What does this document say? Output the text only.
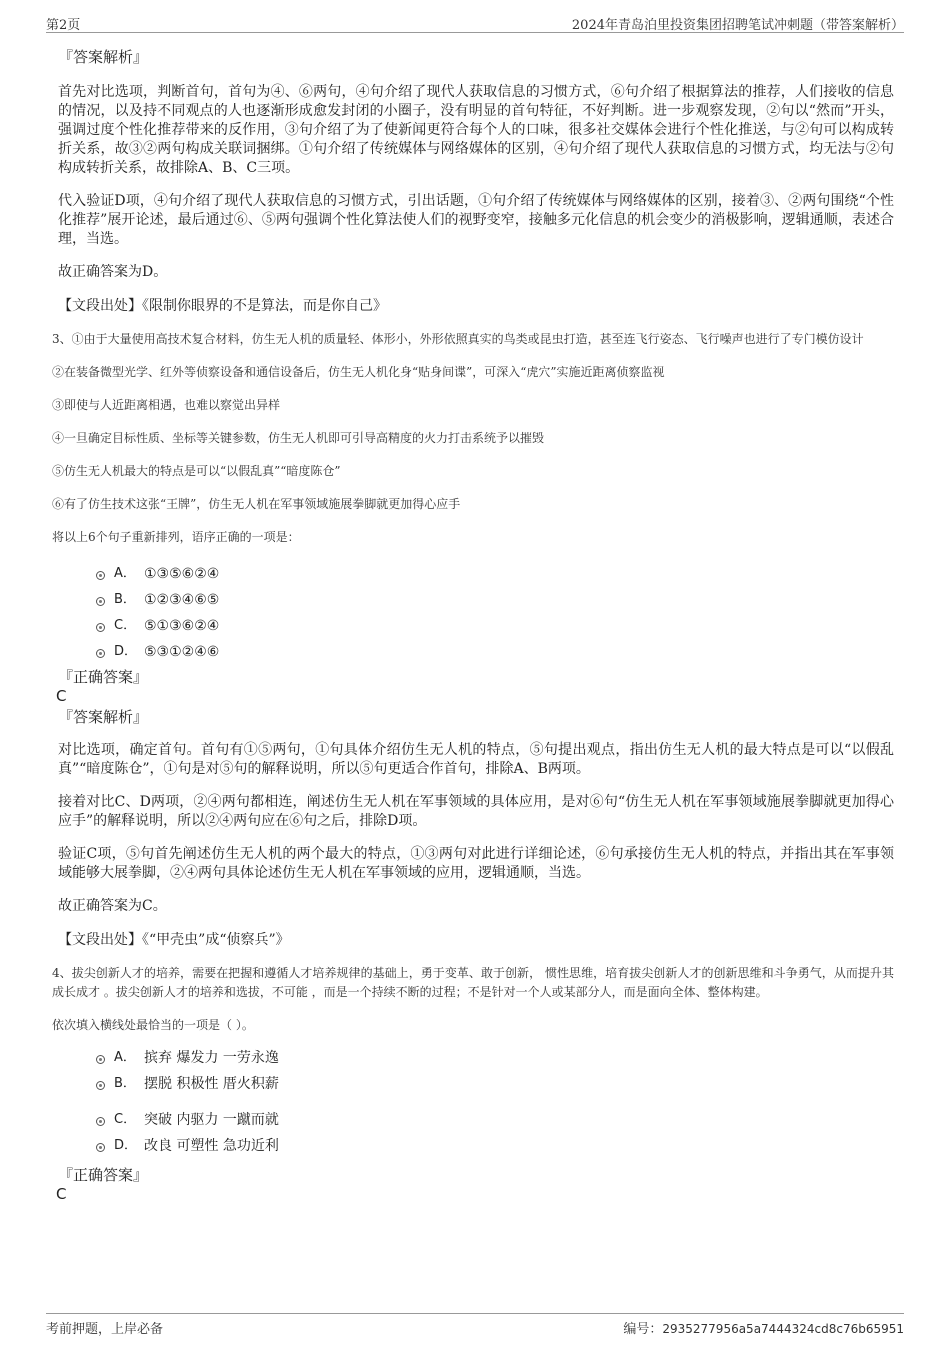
第2页	2024年青岛泊里投资集团招聘笔试冲刺题（带答案解析）
『答案解析』
首先对比选项，判断首句，首句为④、⑥两句，④句介绍了现代人获取信息的习惯方式，⑥句介绍了根据算法的推荐，人们接收的信息的情况，以及持不同观点的人也逐渐形成愈发封闭的小圈子，没有明显的首句特征，不好判断。进一步观察发现，②句以“然而”开头，强调过度个性化推荐带来的反作用，③句介绍了为了使新闻更符合每个人的口味，很多社交媒体会进行个性化推送，与②句可以构成转折关系，故③②两句构成关联词捆绑。①句介绍了传统媒体与网络媒体的区别，④句介绍了现代人获取信息的习惯方式，均无法与②句构成转折关系，故排除A、B、C三项。
代入验证D项，④句介绍了现代人获取信息的习惯方式，引出话题，①句介绍了传统媒体与网络媒体的区别，接着③、②两句围绕“个性化推荐”展开论述，最后通过⑥、⑤两句强调个性化算法使人们的视野变窄，接触多元化信息的机会变少的消极影响，逻辑通顺，表述合理，当选。
故正确答案为D。
【文段出处】《限制你眼界的不是算法，而是你自己》
3、①由于大量使用高技术复合材料，仿生无人机的质量轻、体形小，外形依照真实的鸟类或昆虫打造，甚至连飞行姿态、飞行噪声也进行了专门模仿设计
②在装备微型光学、红外等侦察设备和通信设备后，仿生无人机化身“贴身间谍”，可深入“虎穴”实施近距离侦察监视
③即使与人近距离相遇，也难以察觉出异样
④一旦确定目标性质、坐标等关键参数，仿生无人机即可引导高精度的火力打击系统予以摧毁
⑤仿生无人机最大的特点是可以“以假乱真”“暗度陈仓”
⑥有了仿生技术这张“王牌”，仿生无人机在军事领域施展拳脚就更加得心应手
将以上6个句子重新排列，语序正确的一项是：
A． ①③⑤⑥②④
B． ①②③④⑥⑤
C． ⑤①③⑥②④
D． ⑤③①②④⑥
『正确答案』
C
『答案解析』
对比选项，确定首句。首句有①⑤两句，①句具体介绍仿生无人机的特点，⑤句提出观点，指出仿生无人机的最大特点是可以“以假乱真”“暗度陈仓”，①句是对⑤句的解释说明，所以⑤句更适合作首句，排除A、B两项。
接着对比C、D两项，②④两句都相连，阐述仿生无人机在军事领域的具体应用，是对⑥句“仿生无人机在军事领域施展拳脚就更加得心应手”的解释说明，所以②④两句应在⑥句之后，排除D项。
验证C项，⑤句首先阐述仿生无人机的两个最大的特点，①③两句对此进行详细论述，⑥句承接仿生无人机的特点，并指出其在军事领域能够大展拳脚，②④两句具体论述仿生无人机在军事领域的应用，逻辑通顺，当选。
故正确答案为C。
【文段出处】《“甲壳虫”成“侦察兵”》
4、拔尖创新人才的培养，需要在把握和遵循人才培养规律的基础上，勇于变革、敢于创新， 惯性思维，培育拔尖创新人才的创新思维和斗争勇气，从而提升其成长成才 。拔尖创新人才的培养和选拔，不可能 ，而是一个持续不断的过程；不是针对一个人或某部分人，而是面向全体、整体构建。
依次填入横线处最恰当的一项是（ ）。
A． 摈弃 爆发力 一劳永逸
B． 摆脱 积极性 厝火积薪
C． 突破 内驱力 一蹴而就
D． 改良 可塑性 急功近利
『正确答案』
C
考前押题，上岸必备	编号：2935277956a5a7444324cd8c76b65951
